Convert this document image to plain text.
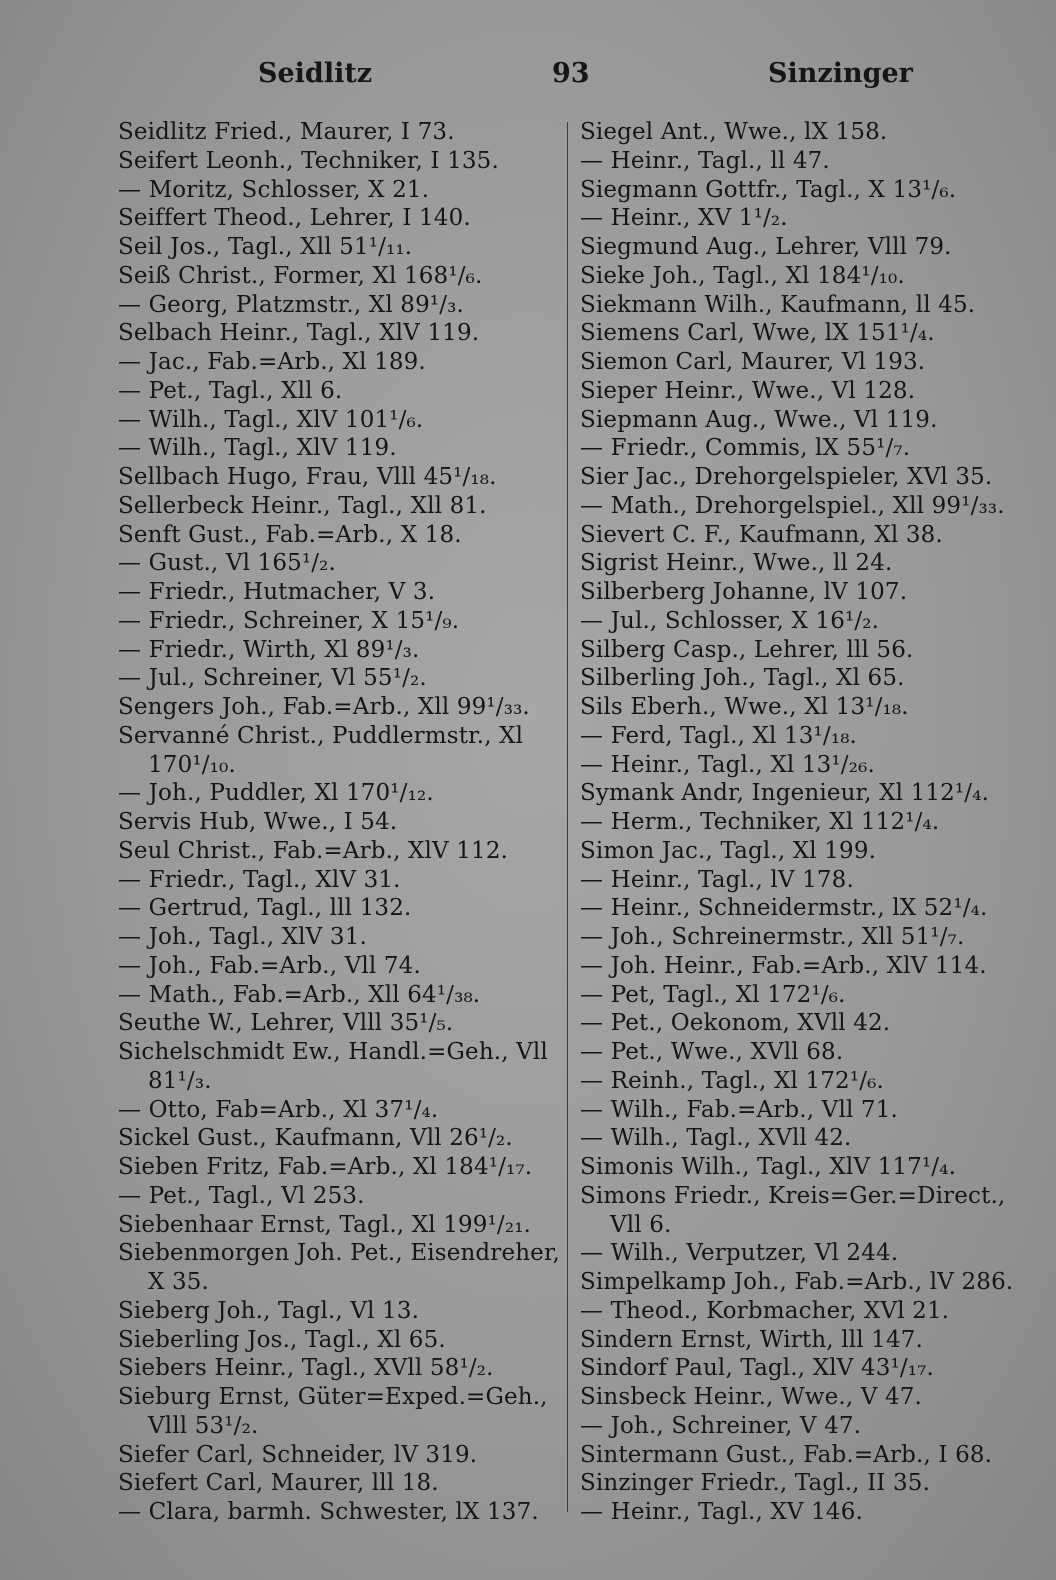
Seidlitz	93	Sinzinger
Seidlitz Fried., Maurer, I 73.
Seifert Leonh., Techniker, I 135.
— Moritz, Schlosser, X 21.
Seiffert Theod., Lehrer, I 140.
Seil Jos., Tagl., Xll 51¹/₁₁.
Seiß Christ., Former, Xl 168¹/₆.
— Georg, Platzmstr., Xl 89¹/₃.
Selbach Heinr., Tagl., XlV 119.
— Jac., Fab.=Arb., Xl 189.
— Pet., Tagl., Xll 6.
— Wilh., Tagl., XlV 101¹/₆.
— Wilh., Tagl., XlV 119.
Sellbach Hugo, Frau, Vlll 45¹/₁₈.
Sellerbeck Heinr., Tagl., Xll 81.
Senft Gust., Fab.=Arb., X 18.
— Gust., Vl 165¹/₂.
— Friedr., Hutmacher, V 3.
— Friedr., Schreiner, X 15¹/₉.
— Friedr., Wirth, Xl 89¹/₃.
— Jul., Schreiner, Vl 55¹/₂.
Sengers Joh., Fab.=Arb., Xll 99¹/₃₃.
Servanné Christ., Puddlermstr., Xl
170¹/₁₀.
— Joh., Puddler, Xl 170¹/₁₂.
Servis Hub, Wwe., I 54.
Seul Christ., Fab.=Arb., XlV 112.
— Friedr., Tagl., XlV 31.
— Gertrud, Tagl., lll 132.
— Joh., Tagl., XlV 31.
— Joh., Fab.=Arb., Vll 74.
— Math., Fab.=Arb., Xll 64¹/₃₈.
Seuthe W., Lehrer, Vlll 35¹/₅.
Sichelschmidt Ew., Handl.=Geh., Vll
81¹/₃.
— Otto, Fab=Arb., Xl 37¹/₄.
Sickel Gust., Kaufmann, Vll 26¹/₂.
Sieben Fritz, Fab.=Arb., Xl 184¹/₁₇.
— Pet., Tagl., Vl 253.
Siebenhaar Ernst, Tagl., Xl 199¹/₂₁.
Siebenmorgen Joh. Pet., Eisendreher,
X 35.
Sieberg Joh., Tagl., Vl 13.
Sieberling Jos., Tagl., Xl 65.
Siebers Heinr., Tagl., XVll 58¹/₂.
Sieburg Ernst, Güter=Exped.=Geh.,
Vlll 53¹/₂.
Siefer Carl, Schneider, lV 319.
Siefert Carl, Maurer, lll 18.
— Clara, barmh. Schwester, lX 137.
Siegel Ant., Wwe., lX 158.
— Heinr., Tagl., ll 47.
Siegmann Gottfr., Tagl., X 13¹/₆.
— Heinr., XV 1¹/₂.
Siegmund Aug., Lehrer, Vlll 79.
Sieke Joh., Tagl., Xl 184¹/₁₀.
Siekmann Wilh., Kaufmann, ll 45.
Siemens Carl, Wwe, lX 151¹/₄.
Siemon Carl, Maurer, Vl 193.
Sieper Heinr., Wwe., Vl 128.
Siepmann Aug., Wwe., Vl 119.
— Friedr., Commis, lX 55¹/₇.
Sier Jac., Drehorgelspieler, XVl 35.
— Math., Drehorgelspiel., Xll 99¹/₃₃.
Sievert C. F., Kaufmann, Xl 38.
Sigrist Heinr., Wwe., ll 24.
Silberberg Johanne, lV 107.
— Jul., Schlosser, X 16¹/₂.
Silberg Casp., Lehrer, lll 56.
Silberling Joh., Tagl., Xl 65.
Sils Eberh., Wwe., Xl 13¹/₁₈.
— Ferd, Tagl., Xl 13¹/₁₈.
— Heinr., Tagl., Xl 13¹/₂₆.
Symank Andr, Ingenieur, Xl 112¹/₄.
— Herm., Techniker, Xl 112¹/₄.
Simon Jac., Tagl., Xl 199.
— Heinr., Tagl., lV 178.
— Heinr., Schneidermstr., lX 52¹/₄.
— Joh., Schreinermstr., Xll 51¹/₇.
— Joh. Heinr., Fab.=Arb., XlV 114.
— Pet, Tagl., Xl 172¹/₆.
— Pet., Oekonom, XVll 42.
— Pet., Wwe., XVll 68.
— Reinh., Tagl., Xl 172¹/₆.
— Wilh., Fab.=Arb., Vll 71.
— Wilh., Tagl., XVll 42.
Simonis Wilh., Tagl., XlV 117¹/₄.
Simons Friedr., Kreis=Ger.=Direct.,
Vll 6.
— Wilh., Verputzer, Vl 244.
Simpelkamp Joh., Fab.=Arb., lV 286.
— Theod., Korbmacher, XVl 21.
Sindern Ernst, Wirth, lll 147.
Sindorf Paul, Tagl., XlV 43¹/₁₇.
Sinsbeck Heinr., Wwe., V 47.
— Joh., Schreiner, V 47.
Sintermann Gust., Fab.=Arb., I 68.
Sinzinger Friedr., Tagl., II 35.
— Heinr., Tagl., XV 146.
